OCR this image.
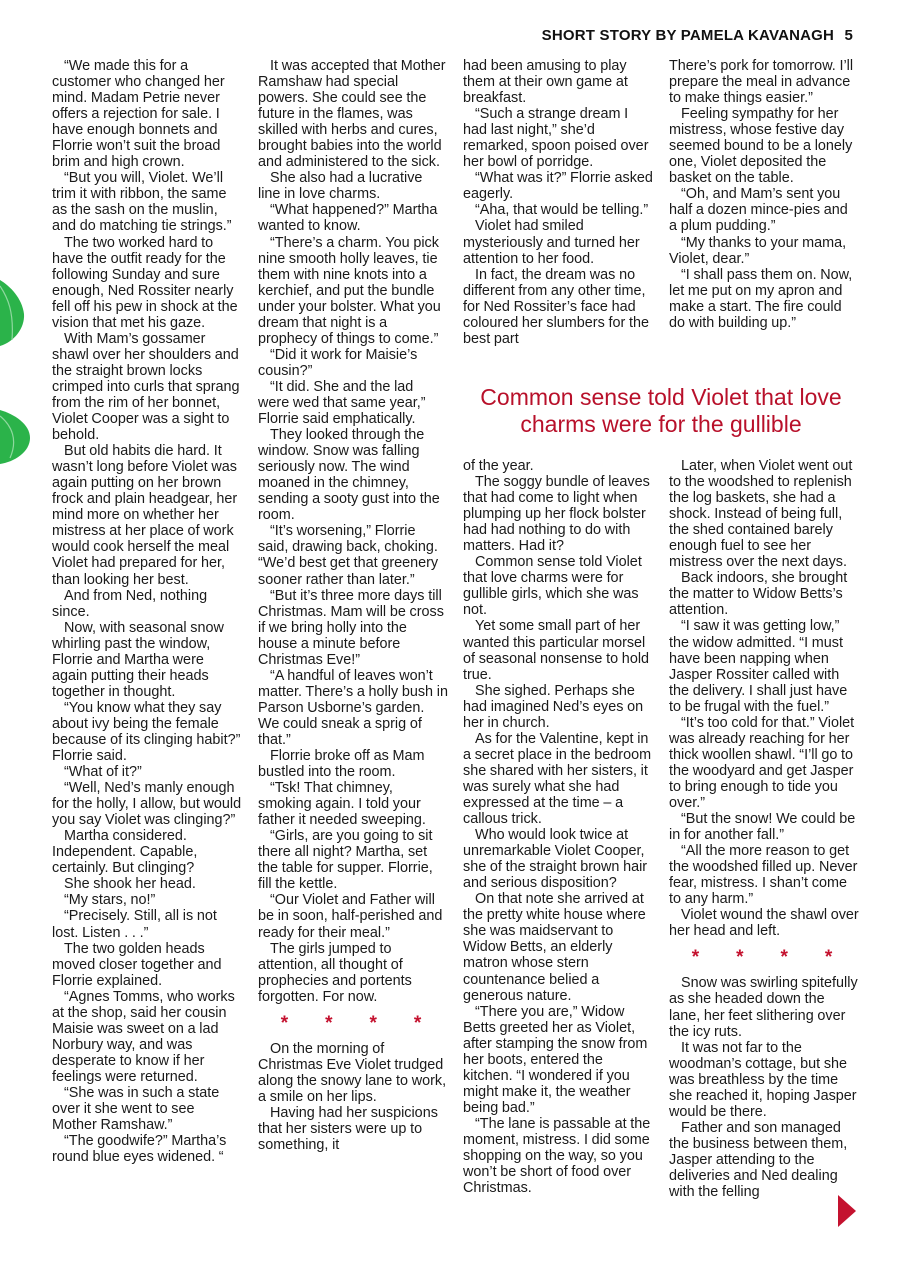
SHORT STORY BY PAMELA KAVANAGH 5

“We made this for a customer who changed her mind. Madam Petrie never offers a rejection for sale. I have enough bonnets and Florrie won’t suit the broad brim and high crown.

“But you will, Violet. We’ll trim it with ribbon, the same as the sash on the muslin, and do matching tie strings.”

The two worked hard to have the outfit ready for the following Sunday and sure enough, Ned Rossiter nearly fell off his pew in shock at the vision that met his gaze.

With Mam’s gossamer shawl over her shoulders and the straight brown locks crimped into curls that sprang from the rim of her bonnet, Violet Cooper was a sight to behold.

But old habits die hard. It wasn’t long before Violet was again putting on her brown frock and plain headgear, her mind more on whether her mistress at her place of work would cook herself the meal Violet had prepared for her, than looking her best.

And from Ned, nothing since.

Now, with seasonal snow whirling past the window, Florrie and Martha were again putting their heads together in thought.

“You know what they say about ivy being the female because of its clinging habit?” Florrie said.

“What of it?”

“Well, Ned’s manly enough for the holly, I allow, but would you say Violet was clinging?”

Martha considered. Independent. Capable, certainly. But clinging?

She shook her head.

“My stars, no!”

“Precisely. Still, all is not lost. Listen . . .”

The two golden heads moved closer together and Florrie explained.

“Agnes Tomms, who works at the shop, said her cousin Maisie was sweet on a lad Norbury way, and was desperate to know if her feelings were returned.

“She was in such a state over it she went to see Mother Ramshaw.”

“The goodwife?” Martha’s round blue eyes widened. “

It was accepted that Mother Ramshaw had special powers. She could see the future in the flames, was skilled with herbs and cures, brought babies into the world and administered to the sick.

She also had a lucrative line in love charms.

“What happened?” Martha wanted to know.

“There’s a charm. You pick nine smooth holly leaves, tie them with nine knots into a kerchief, and put the bundle under your bolster. What you dream that night is a prophecy of things to come.”

“Did it work for Maisie’s cousin?”

“It did. She and the lad were wed that same year,” Florrie said emphatically.

They looked through the window. Snow was falling seriously now. The wind moaned in the chimney, sending a sooty gust into the room.

“It’s worsening,” Florrie said, drawing back, choking. “We’d best get that greenery sooner rather than later.”

“But it’s three more days till Christmas. Mam will be cross if we bring holly into the house a minute before Christmas Eve!”

“A handful of leaves won’t matter. There’s a holly bush in Parson Usborne’s garden. We could sneak a sprig of that.”

Florrie broke off as Mam bustled into the room.

“Tsk! That chimney, smoking again. I told your father it needed sweeping.

“Girls, are you going to sit there all night? Martha, set the table for supper. Florrie, fill the kettle.

“Our Violet and Father will be in soon, half-perished and ready for their meal.”

The girls jumped to attention, all thought of prophecies and portents forgotten. For now.

* * * *

On the morning of Christmas Eve Violet trudged along the snowy lane to work, a smile on her lips.

Having had her suspicions that her sisters were up to something, it

had been amusing to play them at their own game at breakfast.

“Such a strange dream I had last night,” she’d remarked, spoon poised over her bowl of porridge.

“What was it?” Florrie asked eagerly.

“Aha, that would be telling.”

Violet had smiled mysteriously and turned her attention to her food.

In fact, the dream was no different from any other time, for Ned Rossiter’s face had coloured her slumbers for the best part

There’s pork for tomorrow. I’ll prepare the meal in advance to make things easier.”

Feeling sympathy for her mistress, whose festive day seemed bound to be a lonely one, Violet deposited the basket on the table.

“Oh, and Mam’s sent you half a dozen mince-pies and a plum pudding.”

“My thanks to your mama, Violet, dear.”

“I shall pass them on. Now, let me put on my apron and make a start. The fire could do with building up.”

Common sense told Violet that love charms were for the gullible

of the year.

The soggy bundle of leaves that had come to light when plumping up her flock bolster had had nothing to do with matters. Had it?

Common sense told Violet that love charms were for gullible girls, which she was not.

Yet some small part of her wanted this particular morsel of seasonal nonsense to hold true.

She sighed. Perhaps she had imagined Ned’s eyes on her in church.

As for the Valentine, kept in a secret place in the bedroom she shared with her sisters, it was surely what she had expressed at the time – a callous trick.

Who would look twice at unremarkable Violet Cooper, she of the straight brown hair and serious disposition?

On that note she arrived at the pretty white house where she was maidservant to Widow Betts, an elderly matron whose stern countenance belied a generous nature.

“There you are,” Widow Betts greeted her as Violet, after stamping the snow from her boots, entered the kitchen. “I wondered if you might make it, the weather being bad.”

“The lane is passable at the moment, mistress. I did some shopping on the way, so you won’t be short of food over Christmas.

Later, when Violet went out to the woodshed to replenish the log baskets, she had a shock. Instead of being full, the shed contained barely enough fuel to see her mistress over the next days.

Back indoors, she brought the matter to Widow Betts’s attention.

“I saw it was getting low,” the widow admitted. “I must have been napping when Jasper Rossiter called with the delivery. I shall just have to be frugal with the fuel.”

“It’s too cold for that.” Violet was already reaching for her thick woollen shawl. “I’ll go to the woodyard and get Jasper to bring enough to tide you over.”

“But the snow! We could be in for another fall.”

“All the more reason to get the woodshed filled up. Never fear, mistress. I shan’t come to any harm.”

Violet wound the shawl over her head and left.

* * * *

Snow was swirling spitefully as she headed down the lane, her feet slithering over the icy ruts.

It was not far to the woodman’s cottage, but she was breathless by the time she reached it, hoping Jasper would be there.

Father and son managed the business between them, Jasper attending to the deliveries and Ned dealing with the felling
